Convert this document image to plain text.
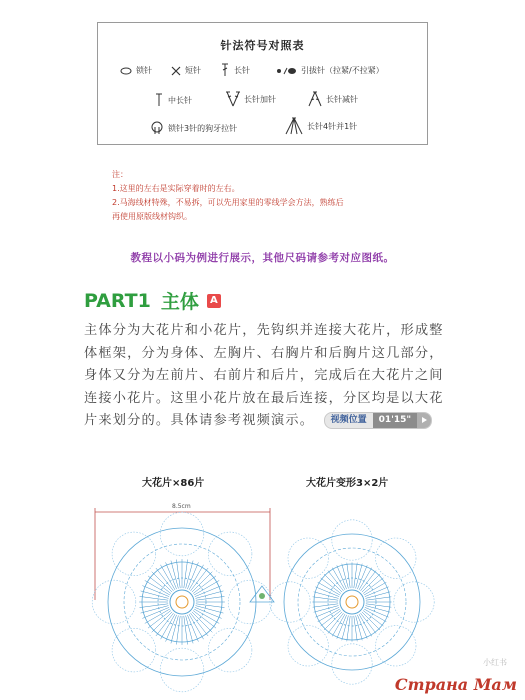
针法符号对照表
锁针	短针	长针	引拔针（拉紧/不拉紧）
中长针	长针加针	长针减针
锁针3针的狗牙拉针	长针4针并1针
注：
1.这里的左右是实际穿着时的左右。
2.马海线材特殊，不易拆，可以先用家里的零线学会方法，熟练后
再使用原版线材钩织。
教程以小码为例进行展示，其他尺码请参考对应图纸。
PART1 主体	A
主体分为大花片和小花片，先钩织并连接大花片，形成整体框架，分为身体、左胸片、右胸片和后胸片这几部分，身体又分为左前片、右前片和后片，完成后在大花片之间连接小花片。这里小花片放在最后连接，分区均是以大花片来划分的。具体请参考视频演示。	视频位置	01'15"
大花片×86片	大花片变形3×2片
8.5cm
小红书
Страна Мам
